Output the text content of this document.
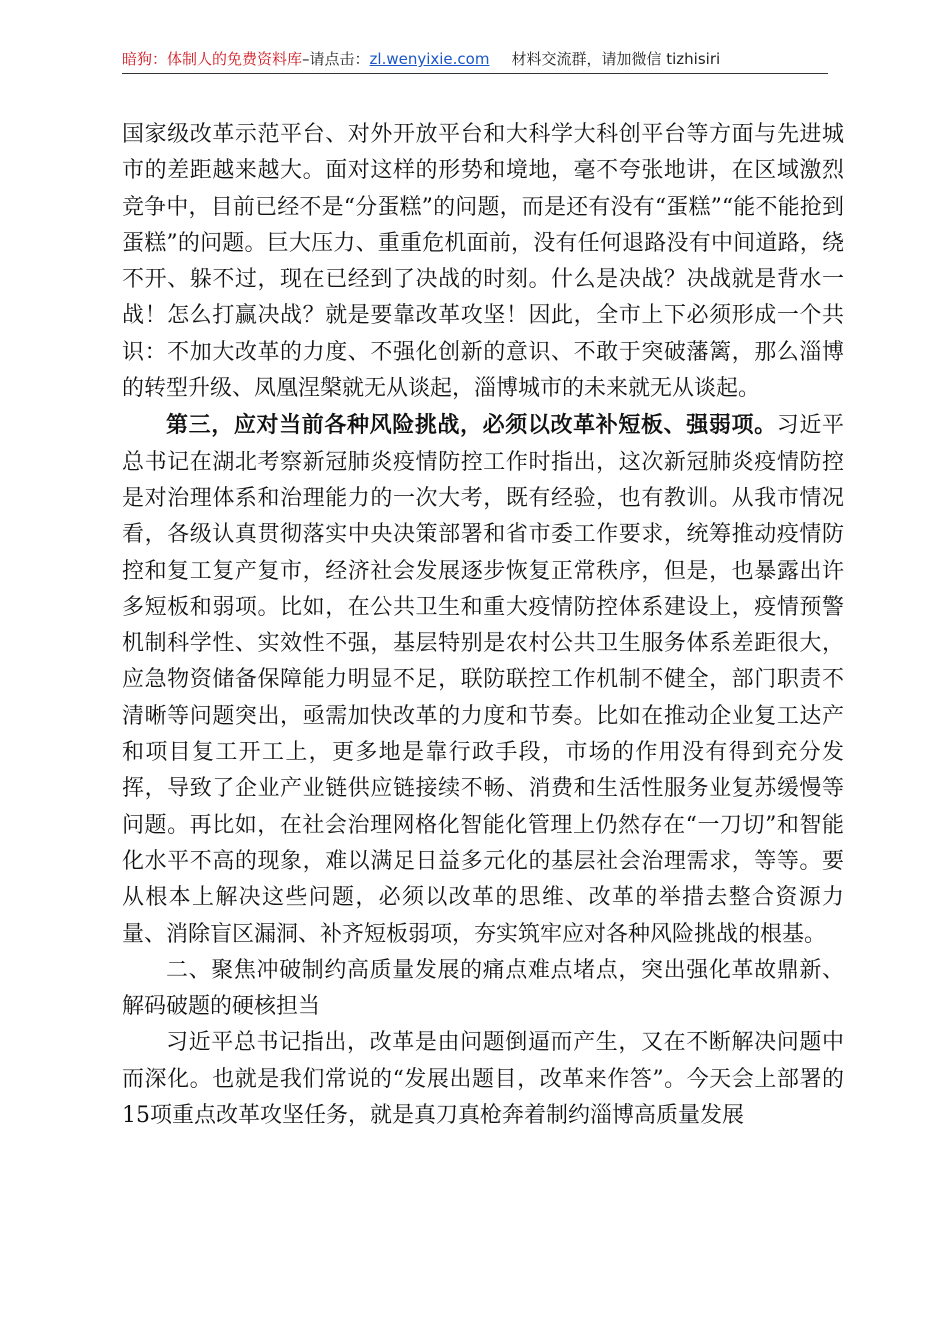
暗狗：体制人的免费资料库–请点击：zl.wenyixie.com 材料交流群，请加微信 tizhisiri

国家级改革示范平台、对外开放平台和大科学大科创平台等方面与先进城市的差距越来越大。面对这样的形势和境地，毫不夸张地讲，在区域激烈竞争中，目前已经不是“分蛋糕”的问题，而是还有没有“蛋糕”“能不能抢到蛋糕”的问题。巨大压力、重重危机面前，没有任何退路没有中间道路，绕不开、躲不过，现在已经到了决战的时刻。什么是决战？决战就是背水一战！怎么打赢决战？就是要靠改革攻坚！因此，全市上下必须形成一个共识：不加大改革的力度、不强化创新的意识、不敢于突破藩篱，那么淄博的转型升级、凤凰涅槃就无从谈起，淄博城市的未来就无从谈起。

第三，应对当前各种风险挑战，必须以改革补短板、强弱项。习近平总书记在湖北考察新冠肺炎疫情防控工作时指出，这次新冠肺炎疫情防控是对治理体系和治理能力的一次大考，既有经验，也有教训。从我市情况看，各级认真贯彻落实中央决策部署和省市委工作要求，统筹推动疫情防控和复工复产复市，经济社会发展逐步恢复正常秩序，但是，也暴露出许多短板和弱项。比如，在公共卫生和重大疫情防控体系建设上，疫情预警机制科学性、实效性不强，基层特别是农村公共卫生服务体系差距很大，应急物资储备保障能力明显不足，联防联控工作机制不健全，部门职责不清晰等问题突出，亟需加快改革的力度和节奏。比如在推动企业复工达产和项目复工开工上，更多地是靠行政手段，市场的作用没有得到充分发挥，导致了企业产业链供应链接续不畅、消费和生活性服务业复苏缓慢等问题。再比如，在社会治理网格化智能化管理上仍然存在“一刀切”和智能化水平不高的现象，难以满足日益多元化的基层社会治理需求，等等。要从根本上解决这些问题，必须以改革的思维、改革的举措去整合资源力量、消除盲区漏洞、补齐短板弱项，夯实筑牢应对各种风险挑战的根基。

二、聚焦冲破制约高质量发展的痛点难点堵点，突出强化革故鼎新、解码破题的硬核担当

习近平总书记指出，改革是由问题倒逼而产生，又在不断解决问题中而深化。也就是我们常说的“发展出题目，改革来作答”。今天会上部署的15项重点改革攻坚任务，就是真刀真枪奔着制约淄博高质量发展
